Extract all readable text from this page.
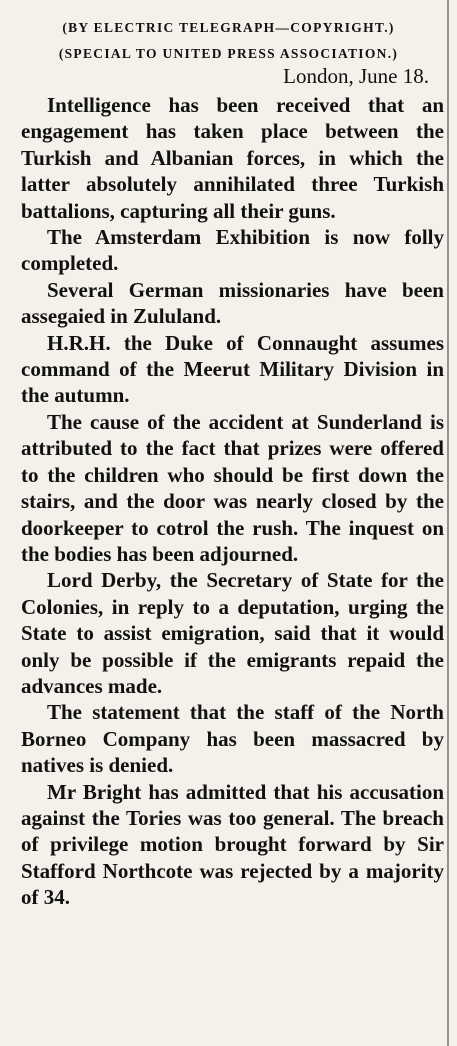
(BY ELECTRIC TELEGRAPH—COPYRIGHT.)
(SPECIAL TO UNITED PRESS ASSOCIATION.)
London, June 18.

Intelligence has been received that an engagement has taken place between the Turkish and Albanian forces, in which the latter absolutely annihilated three Turkish battalions, capturing all their guns.

The Amsterdam Exhibition is now folly completed.

Several German missionaries have been assegaied in Zululand.

H.R.H. the Duke of Connaught assumes command of the Meerut Military Division in the autumn.

The cause of the accident at Sunderland is attributed to the fact that prizes were offered to the children who should be first down the stairs, and the door was nearly closed by the doorkeeper to cotrol the rush. The inquest on the bodies has been adjourned.

Lord Derby, the Secretary of State for the Colonies, in reply to a deputation, urging the State to assist emigration, said that it would only be possible if the emigrants repaid the advances made.

The statement that the staff of the North Borneo Company has been massacred by natives is denied.

Mr Bright has admitted that his accusation against the Tories was too general. The breach of privilege motion brought forward by Sir Stafford Northcote was rejected by a majority of 34.
